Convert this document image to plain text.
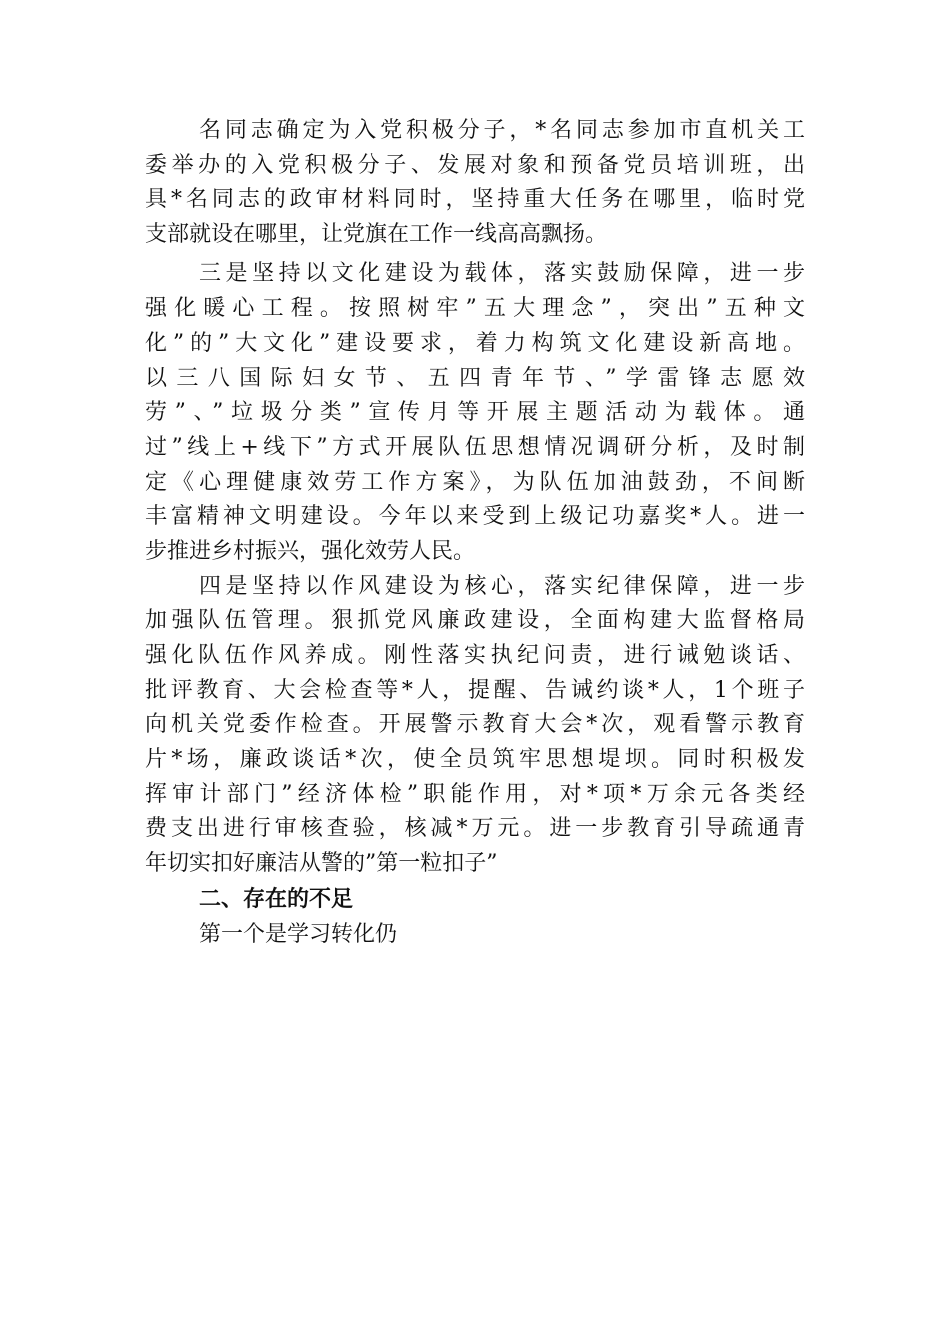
名同志确定为入党积极分子，*名同志参加市直机关工

委举办的入党积极分子、发展对象和预备党员培训班，出

具*名同志的政审材料同时，坚持重大任务在哪里，临时党

支部就设在哪里，让党旗在工作一线高高飘扬。

三是坚持以文化建设为载体，落实鼓励保障，进一步

强化暖心工程。按照树牢”五大理念”，突出”五种文

化”的”大文化”建设要求，着力构筑文化建设新高地。

以三八国际妇女节、五四青年节、”学雷锋志愿效

劳”、”垃圾分类”宣传月等开展主题活动为载体。通

过”线上+线下”方式开展队伍思想情况调研分析，及时制

定《心理健康效劳工作方案》，为队伍加油鼓劲，不间断

丰富精神文明建设。今年以来受到上级记功嘉奖*人。进一

步推进乡村振兴，强化效劳人民。

四是坚持以作风建设为核心，落实纪律保障，进一步

加强队伍管理。狠抓党风廉政建设，全面构建大监督格局

强化队伍作风养成。刚性落实执纪问责，进行诫勉谈话、

批评教育、大会检查等*人，提醒、告诫约谈*人，1个班子

向机关党委作检查。开展警示教育大会*次，观看警示教育

片*场，廉政谈话*次，使全员筑牢思想堤坝。同时积极发

挥审计部门”经济体检”职能作用，对*项*万余元各类经

费支出进行审核查验，核减*万元。进一步教育引导疏通青

年切实扣好廉洁从警的”第一粒扣子”

二、存在的不足

第一个是学习转化仍
